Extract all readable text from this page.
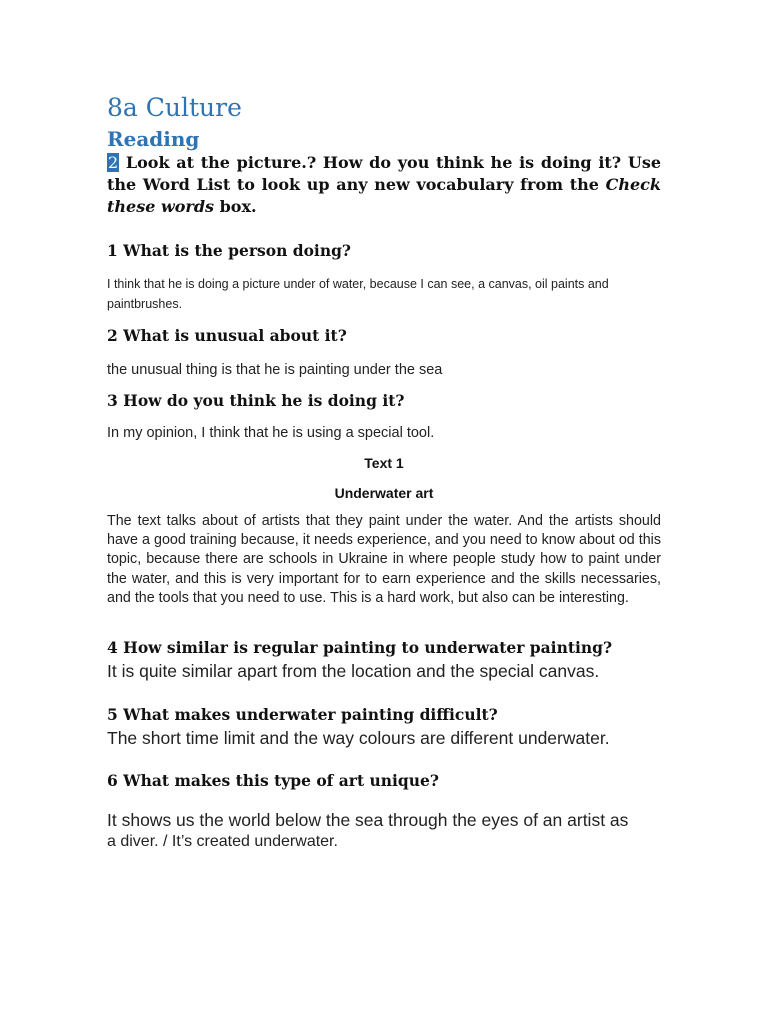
8a Culture
Reading
2 Look at the picture.? How do you think he is doing it? Use the Word List to look up any new vocabulary from the Check these words box.
1 What is the person doing?
I think that he is doing a picture under of water, because I can see, a canvas, oil paints and
paintbrushes.
2 What is unusual about it?
the unusual thing is that he is painting under the sea
3 How do you think he is doing it?
In my opinion, I think that he is using a special tool.
Text 1
Underwater art
The text talks about of artists that they paint under the water. And the artists should have a good training because, it needs experience, and you need to know about od this topic, because there are schools in Ukraine in where people study how to paint under the water, and this is very important for to earn experience and the skills necessaries, and the tools that you need to use. This is a hard work, but also can be interesting.
4 How similar is regular painting to underwater painting?
It is quite similar apart from the location and the special canvas.
5 What makes underwater painting difficult?
The short time limit and the way colours are different underwater.
6 What makes this type of art unique?
It shows us the world below the sea through the eyes of an artist as
a diver. / It’s created underwater.
